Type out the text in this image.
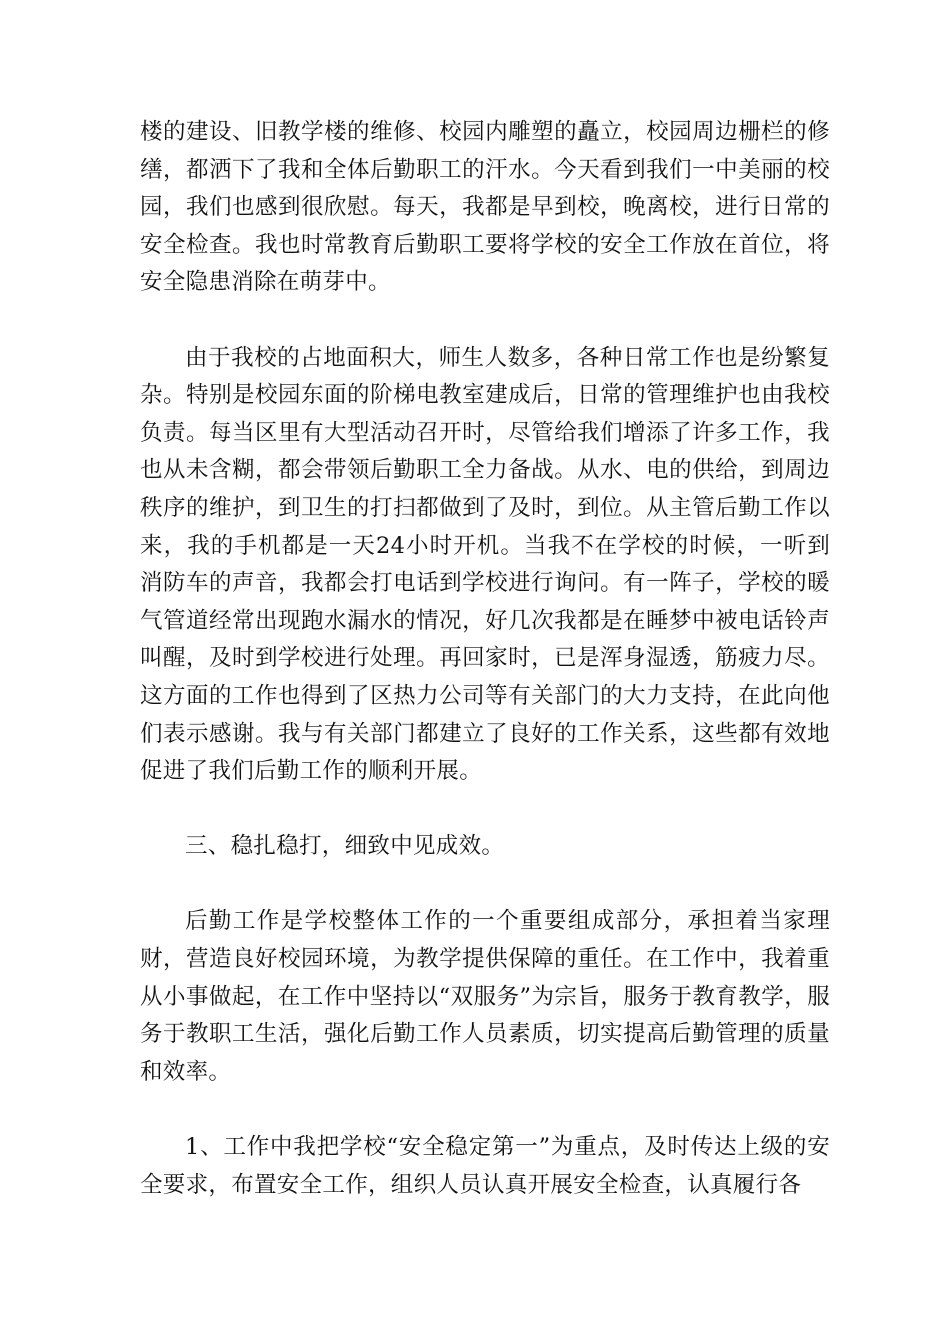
楼的建设、旧教学楼的维修、校园内雕塑的矗立，校园周边栅栏的修缮，都洒下了我和全体后勤职工的汗水。今天看到我们一中美丽的校园，我们也感到很欣慰。每天，我都是早到校，晚离校，进行日常的安全检查。我也时常教育后勤职工要将学校的安全工作放在首位，将安全隐患消除在萌芽中。

由于我校的占地面积大，师生人数多，各种日常工作也是纷繁复杂。特别是校园东面的阶梯电教室建成后，日常的管理维护也由我校负责。每当区里有大型活动召开时，尽管给我们增添了许多工作，我也从未含糊，都会带领后勤职工全力备战。从水、电的供给，到周边秩序的维护，到卫生的打扫都做到了及时，到位。从主管后勤工作以来，我的手机都是一天24小时开机。当我不在学校的时候，一听到消防车的声音，我都会打电话到学校进行询问。有一阵子，学校的暖气管道经常出现跑水漏水的情况，好几次我都是在睡梦中被电话铃声叫醒，及时到学校进行处理。再回家时，已是浑身湿透，筋疲力尽。这方面的工作也得到了区热力公司等有关部门的大力支持，在此向他们表示感谢。我与有关部门都建立了良好的工作关系，这些都有效地促进了我们后勤工作的顺利开展。

三、稳扎稳打，细致中见成效。

后勤工作是学校整体工作的一个重要组成部分，承担着当家理财，营造良好校园环境，为教学提供保障的重任。在工作中，我着重从小事做起，在工作中坚持以“双服务”为宗旨，服务于教育教学，服务于教职工生活，强化后勤工作人员素质，切实提高后勤管理的质量和效率。

1、工作中我把学校“安全稳定第一”为重点，及时传达上级的安全要求，布置安全工作，组织人员认真开展安全检查，认真履行各
